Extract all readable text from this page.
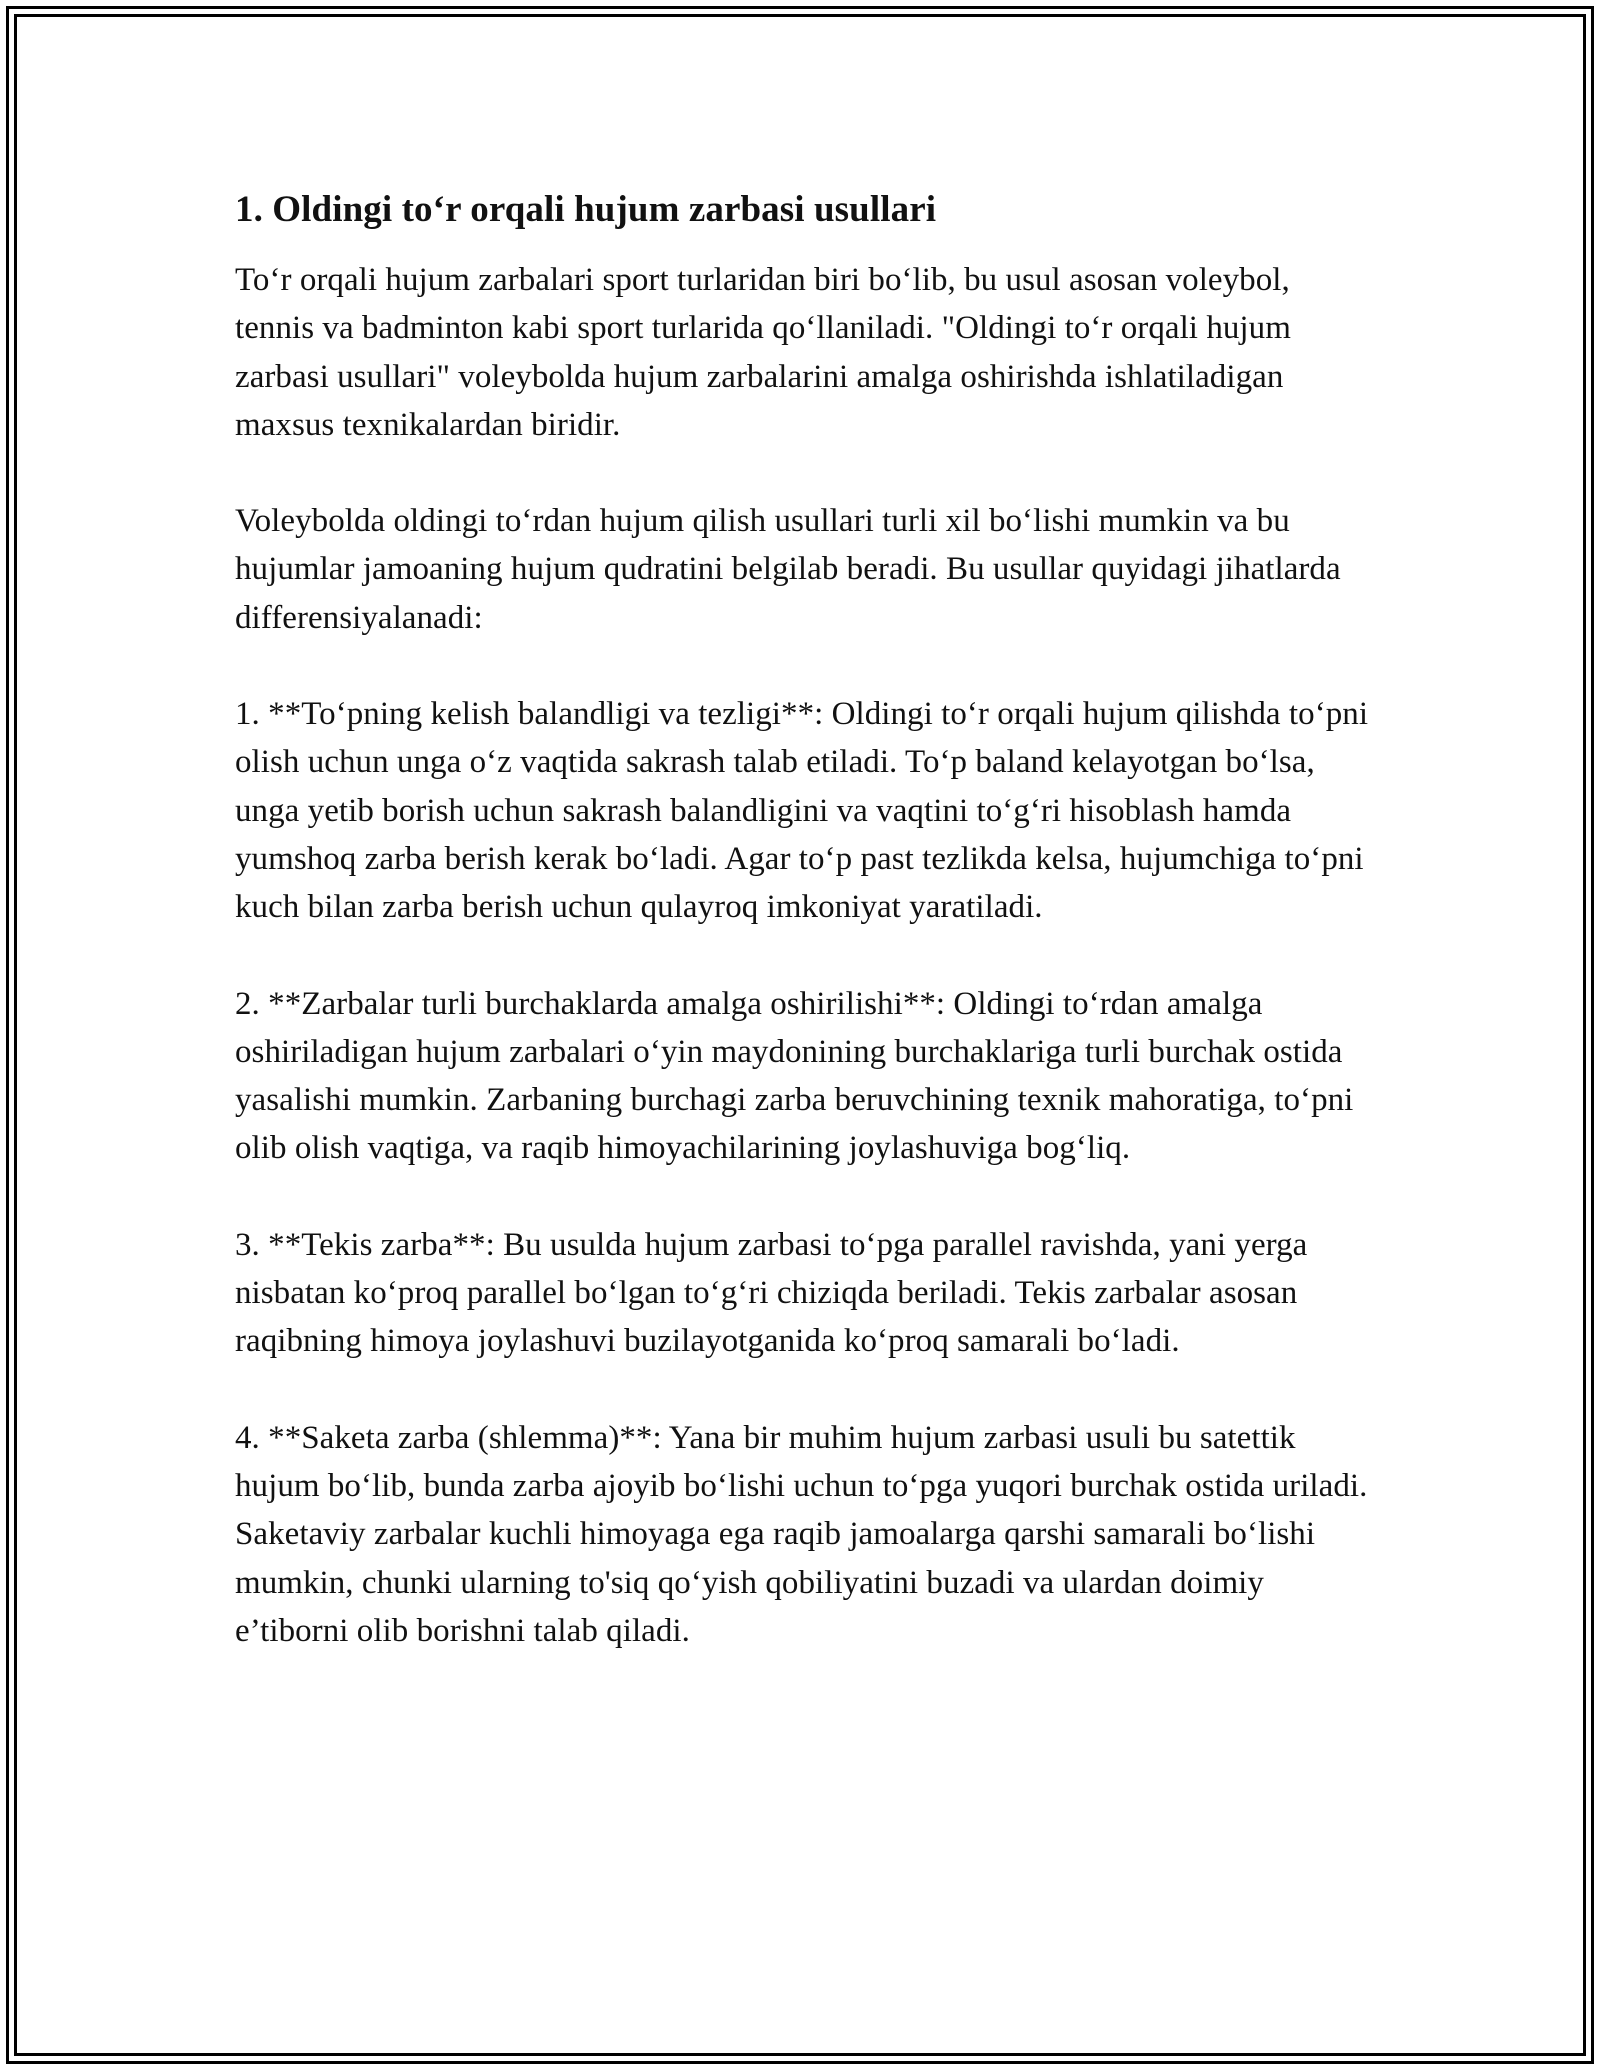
1. Oldingi to‘r orqali hujum zarbasi usullari

To‘r orqali hujum zarbalari sport turlaridan biri bo‘lib, bu usul asosan voleybol, tennis va badminton kabi sport turlarida qo‘llaniladi. "Oldingi to‘r orqali hujum zarbasi usullari" voleybolda hujum zarbalarini amalga oshirishda ishlatiladigan maxsus texnikalardan biridir.

Voleybolda oldingi to‘rdan hujum qilish usullari turli xil bo‘lishi mumkin va bu hujumlar jamoaning hujum qudratini belgilab beradi. Bu usullar quyidagi jihatlarda differensiyalanadi:

1. **To‘pning kelish balandligi va tezligi**: Oldingi to‘r orqali hujum qilishda to‘pni olish uchun unga o‘z vaqtida sakrash talab etiladi. To‘p baland kelayotgan bo‘lsa, unga yetib borish uchun sakrash balandligini va vaqtini to‘g‘ri hisoblash hamda yumshoq zarba berish kerak bo‘ladi. Agar to‘p past tezlikda kelsa, hujumchiga to‘pni kuch bilan zarba berish uchun qulayroq imkoniyat yaratiladi.

2. **Zarbalar turli burchaklarda amalga oshirilishi**: Oldingi to‘rdan amalga oshiriladigan hujum zarbalari o‘yin maydonining burchaklariga turli burchak ostida yasalishi mumkin. Zarbaning burchagi zarba beruvchining texnik mahoratiga, to‘pni olib olish vaqtiga, va raqib himoyachilarining joylashuviga bog‘liq.

3. **Tekis zarba**: Bu usulda hujum zarbasi to‘pga parallel ravishda, yani yerga nisbatan ko‘proq parallel bo‘lgan to‘g‘ri chiziqda beriladi. Tekis zarbalar asosan raqibning himoya joylashuvi buzilayotganida ko‘proq samarali bo‘ladi.

4. **Saketa zarba (shlemma)**: Yana bir muhim hujum zarbasi usuli bu satettik hujum bo‘lib, bunda zarba ajoyib bo‘lishi uchun to‘pga yuqori burchak ostida uriladi. Saketaviy zarbalar kuchli himoyaga ega raqib jamoalarga qarshi samarali bo‘lishi mumkin, chunki ularning to'siq qo‘yish qobiliyatini buzadi va ulardan doimiy e’tiborni olib borishni talab qiladi.
